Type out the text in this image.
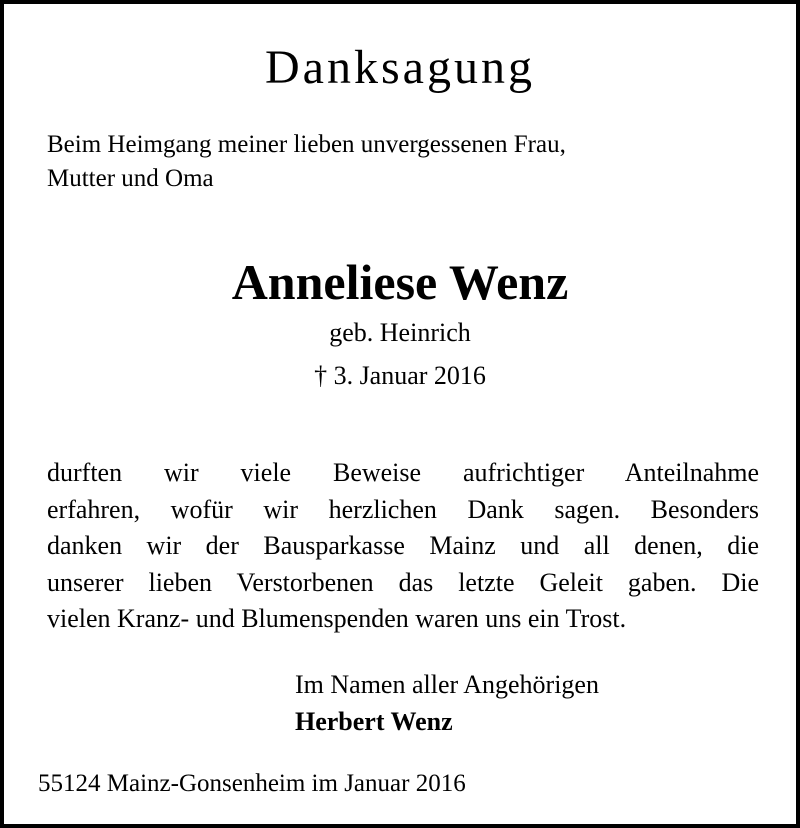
Danksagung

Beim Heimgang meiner lieben unvergessenen Frau,
Mutter und Oma

Anneliese Wenz

geb. Heinrich

† 3. Januar 2016

durften wir viele Beweise aufrichtiger Anteilnahme
erfahren, wofür wir herzlichen Dank sagen. Besonders
danken wir der Bausparkasse Mainz und all denen, die
unserer lieben Verstorbenen das letzte Geleit gaben. Die
vielen Kranz- und Blumenspenden waren uns ein Trost.

Im Namen aller Angehörigen

Herbert Wenz

55124 Mainz-Gonsenheim im Januar 2016
